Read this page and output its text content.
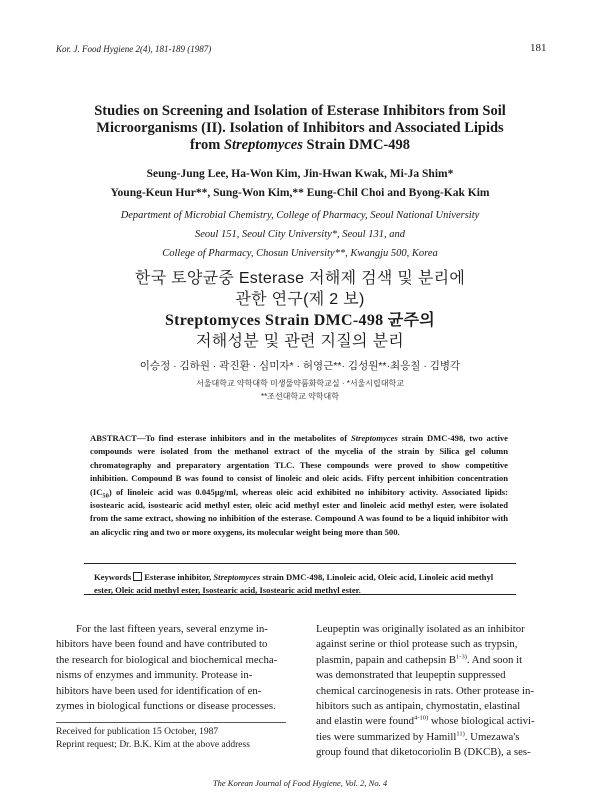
Kor. J. Food Hygiene 2(4), 181-189 (1987)	181
Studies on Screening and Isolation of Esterase Inhibitors from Soil
Microorganisms (II). Isolation of Inhibitors and Associated Lipids
from Streptomyces Strain DMC-498
Seung-Jung Lee, Ha-Won Kim, Jin-Hwan Kwak, Mi-Ja Shim*
Young-Keun Hur**, Sung-Won Kim,** Eung-Chil Choi and Byong-Kak Kim
Department of Microbial Chemistry, College of Pharmacy, Seoul National University
Seoul 151, Seoul City University*, Seoul 131, and
College of Pharmacy, Chosun University**, Kwangju 500, Korea
한국 토양균중 Esterase 저해제 검색 및 분리에
관한 연구(제 2 보)
Streptomyces Strain DMC-498 균주의
저해성분 및 관련 지질의 분리
이승정 · 김하원 · 곽진환 · 심미자* · 허영근**· 김성원**·최응칠 · 김병각
서울대학교 약학대학 미생물약품화학교실 · *서울시립대학교
**조선대학교 약학대학
ABSTRACT—To find esterase inhibitors and in the metabolites of Streptomyces strain DMC-498, two active compounds were isolated from the methanol extract of the mycelia of the strain by Silica gel column chromatography and preparatory argentation TLC. These compounds were proved to show competitive inhibition. Compound B was found to consist of linoleic and oleic acids. Fifty percent inhibition concentration $(IC_{50})$ of linoleic acid was 0.045μg/ml, whereas oleic acid exhibited no inhibitory activity. Associated lipids: isostearic acid, isostearic acid methyl ester, oleic acid methyl ester and linoleic acid methyl ester, were isolated from the same extract, showing no inhibition of the esterase. Compound A was found to be a liquid inhibitor with an alicyclic ring and two or more oxygens, its molecular weight being more than 500.
Keywords Esterase inhibitor, Streptomyces strain DMC-498, Linoleic acid, Oleic acid, Linoleic acid methyl ester, Oleic acid methyl ester, Isostearic acid, Isostearic acid methyl ester.
For the last fifteen years, several enzyme in-
hibitors have been found and have contributed to
the research for biological and biochemical mecha-
nisms of enzymes and immunity. Protease in-
hibitors have been used for identification of en-
zymes in biological functions or disease processes.
Leupeptin was originally isolated as an inhibitor
against serine or thiol protease such as trypsin,
plasmin, papain and cathepsin $B^{1-3)}$. And soon it
was demonstrated that leupeptin suppressed
chemical carcinogenesis in rats. Other protease in-
hibitors such as antipain, chymostatin, elastinal
and elastin were found$^{4-10)}$ whose biological activi-
ties were summarized by Hamill$^{11)}$. Umezawa's
group found that diketocoriolin B (DKCB), a ses-
Received for publication 15 October, 1987
Reprint request; Dr. B.K. Kim at the above address
The Korean Journal of Food Hygiene, Vol. 2, No. 4
